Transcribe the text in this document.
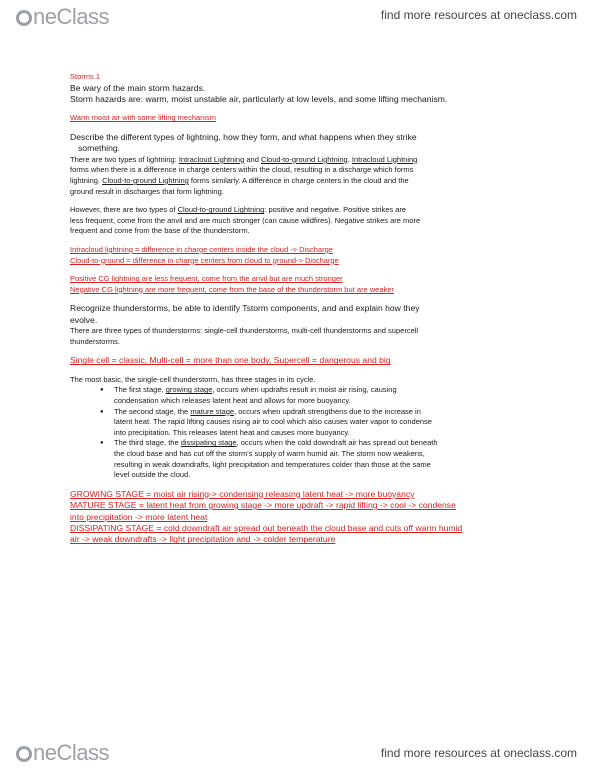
neClass	find more resources at oneclass.com

Storms 1

Be wary of the main storm hazards.

Storm hazards are: warm, moist unstable air, particularly at low levels, and some lifting mechanism.

Warm moist air with some lifting mechanism

Describe the different types of lightning, how they form, and what happens when they strike

something.

There are two types of lightning: Intracloud Lightning and Cloud-to-ground Lightning. Intracloud Lightning

forms when there is a difference in charge centers within the cloud, resulting in a discharge which forms

lightning. Cloud-to-ground Lightning forms similarly. A difference in charge centers in the cloud and the

ground result in discharges that form lightning.

However, there are two types of Cloud-to-ground Lightning: positive and negative. Positive strikes are

less frequent, come from the anvil and are much stronger (can cause wildfires). Negative strikes are more

frequent and come from the base of the thunderstorm.

Intracloud lightning = difference in charge centers inside the cloud -> Discharge

Cloud-to-ground = difference in charge centers from cloud to ground-> Discharge

Positive CG lightning are less frequent, come from the anvil but are much stronger

Negative CG lightning are more frequent, come from the base of the thunderstorm but are weaker

Recognize thunderstorms, be able to identify Tstorm components, and and explain how they

evolve.

There are three types of thunderstorms: single-cell thunderstorms, multi-cell thunderstorms and supercell

thunderstorms.

Single cell = classic, Multi-cell = more than one body, Supercell = dangerous and big

The most basic, the single-cell thunderstorm, has three stages in its cycle.

● The first stage, growing stage, occurs when updrafts result in moist air rising, causing
condensation which releases latent heat and allows for more buoyancy.
● The second stage, the mature stage, occurs when updraft strengthens due to the increase in
latent heat. The rapid lifting causes rising air to cool which also causes water vapor to condense
into precipitation. This releases latent heat and causes more buoyancy.
● The third stage, the dissipating stage, occurs when the cold downdraft air has spread out beneath
the cloud base and has cut off the storm's supply of warm humid air. The storm now weakens,
resulting in weak downdrafts, light precipitation and temperatures colder than those at the same
level outside the cloud.

GROWING STAGE = moist air rising-> condensing releasing latent heat -> more buoyancy

MATURE STAGE = latent heat from growing stage -> more updraft -> rapid lifting -> cool -> condense

into precipitation -> more latent heat

DISSIPATING STAGE = cold downdraft air spread out beneath the cloud base and cuts off warm humid

air -> weak downdrafts -> light precipitation and -> colder temperature

neClass	find more resources at oneclass.com
